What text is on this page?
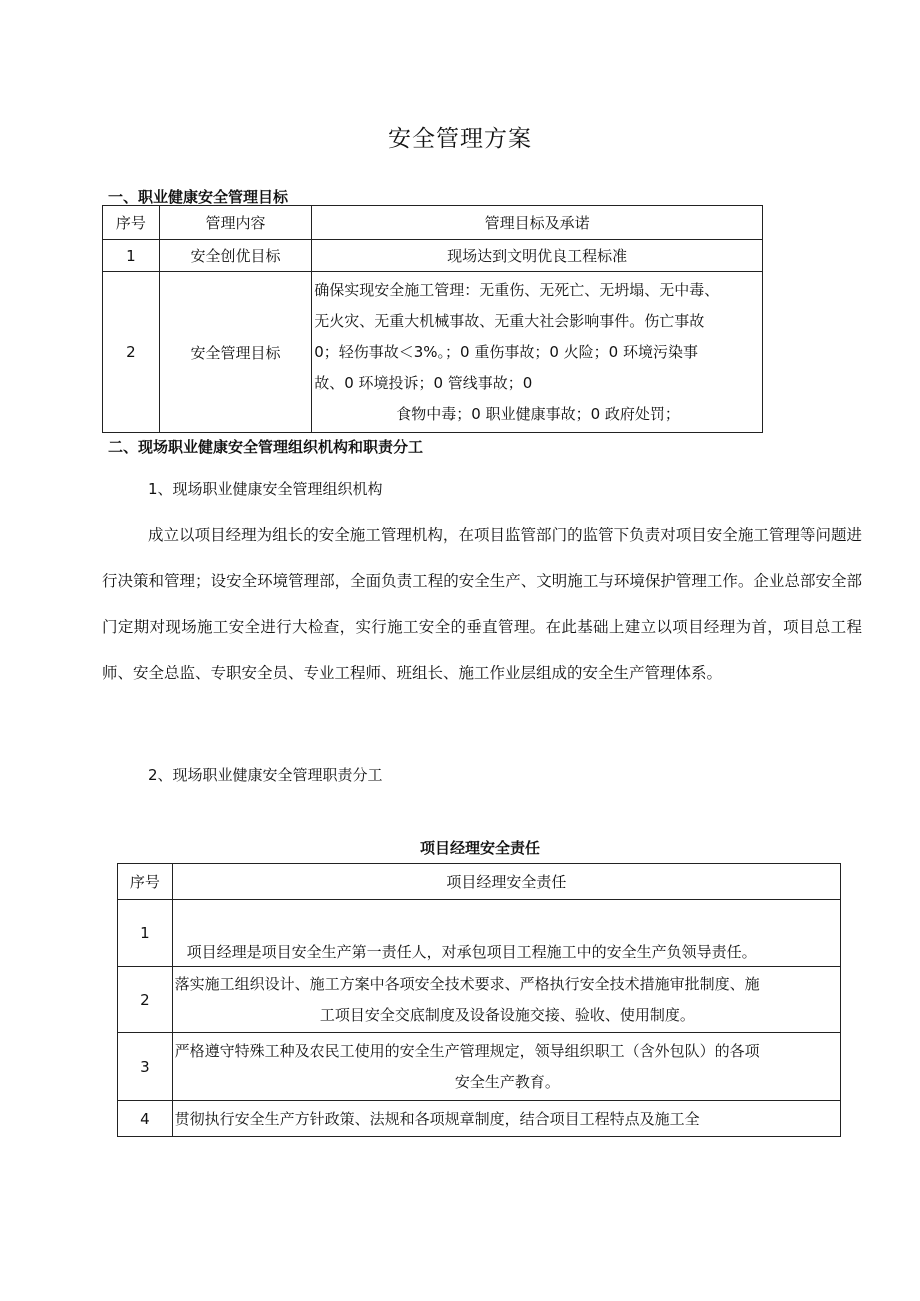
安全管理方案
一、职业健康安全管理目标
序号	管理内容	管理目标及承诺
1	安全创优目标	现场达到文明优良工程标准
2	安全管理目标	确保实现安全施工管理：无重伤、无死亡、无坍塌、无中毒、
无火灾、无重大机械事故、无重大社会影响事件。伤亡事故
0；轻伤事故＜3%。；0 重伤事故；0 火险；0 环境污染事
故、0 环境投诉；0 管线事故；0
食物中毒；0 职业健康事故；0 政府处罚；
二、现场职业健康安全管理组织机构和职责分工
1、现场职业健康安全管理组织机构

成立以项目经理为组长的安全施工管理机构，在项目监管部门的监管下负责对项目安全施工管理等问题进行决策和管理；设安全环境管理部，全面负责工程的安全生产、文明施工与环境保护管理工作。企业总部安全部门定期对现场施工安全进行大检查，实行施工安全的垂直管理。在此基础上建立以项目经理为首，项目总工程师、安全总监、专职安全员、专业工程师、班组长、施工作业层组成的安全生产管理体系。

2、现场职业健康安全管理职责分工
项目经理安全责任
序号	项目经理安全责任
1	项目经理是项目安全生产第一责任人，对承包项目工程施工中的安全生产负领导责任。

2	落实施工组织设计、施工方案中各项安全技术要求、严格执行安全技术措施审批制度、施
工项目安全交底制度及设备设施交接、验收、使用制度。

3	严格遵守特殊工种及农民工使用的安全生产管理规定，领导组织职工（含外包队）的各项
安全生产教育。

4	贯彻执行安全生产方针政策、法规和各项规章制度，结合项目工程特点及施工全
